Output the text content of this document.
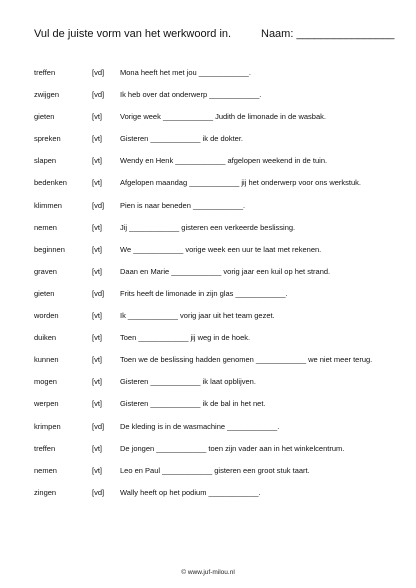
Vul de juiste vorm van het werkwoord in.	Naam: ________________
treffen	[vd] Mona heeft het met jou ____________.
zwijgen	[vd] Ik heb over dat onderwerp ____________.
gieten	[vt] Vorige week ____________ Judith de limonade in de wasbak.
spreken	[vt] Gisteren ____________ ik de dokter.
slapen	[vt] Wendy en Henk ____________ afgelopen weekend in de tuin.
bedenken	[vt] Afgelopen maandag ____________ jij het onderwerp voor ons werkstuk.
klimmen	[vd] Pien is naar beneden ____________.
nemen	[vt] Jij ____________ gisteren een verkeerde beslissing.
beginnen	[vt] We ____________ vorige week een uur te laat met rekenen.
graven	[vt] Daan en Marie ____________ vorig jaar een kuil op het strand.
gieten	[vd] Frits heeft de limonade in zijn glas ____________.
worden	[vt] Ik ____________ vorig jaar uit het team gezet.
duiken	[vt] Toen ____________ jij weg in de hoek.
kunnen	[vt] Toen we de beslissing hadden genomen ____________ we niet meer terug.
mogen	[vt] Gisteren ____________ ik laat opblijven.
werpen	[vt] Gisteren ____________ ik de bal in het net.
krimpen	[vd] De kleding is in de wasmachine ____________.
treffen	[vt] De jongen ____________ toen zijn vader aan in het winkelcentrum.
nemen	[vt] Leo en Paul ____________ gisteren een groot stuk taart.
zingen	[vd] Wally heeft op het podium ____________.
© www.juf-milou.nl
